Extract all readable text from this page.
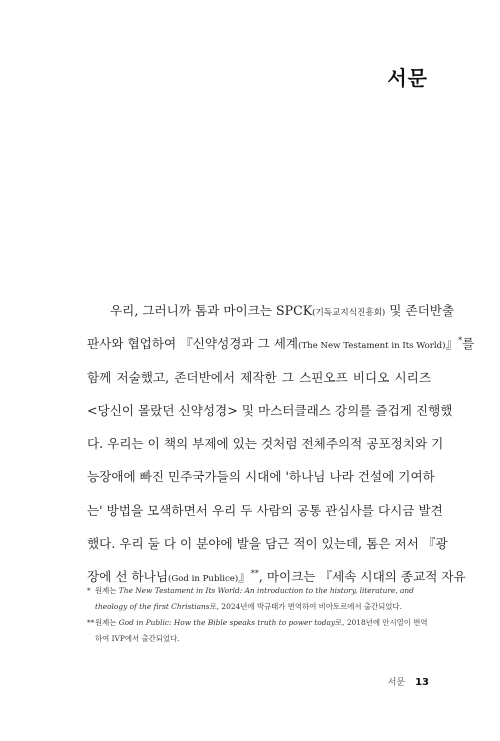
서문
우리, 그러니까 톰과 마이크는 SPCK(기독교지식진흥회) 및 존더반출
판사와 협업하여 『신약성경과 그 세계(The New Testament in Its World)』*를
함께 저술했고, 존더반에서 제작한 그 스핀오프 비디오 시리즈
<당신이 몰랐던 신약성경> 및 마스터클래스 강의를 즐겁게 진행했
다. 우리는 이 책의 부제에 있는 것처럼 전체주의적 공포정치와 기
능장애에 빠진 민주국가들의 시대에 '하나님 나라 건설에 기여하
는' 방법을 모색하면서 우리 두 사람의 공통 관심사를 다시금 발견
했다. 우리 둘 다 이 분야에 발을 담근 적이 있는데, 톰은 저서 『광
장에 선 하나님(God in Publice)』**, 마이크는 『세속 시대의 종교적 자유
* 원제는 The New Testament in Its World: An introduction to the history, literature, and theology of the first Christians로, 2024년에 박규태가 번역하여 비아토르에서 출간되었다.
** 원제는 God in Public: How the Bible speaks truth to power today로, 2018년에 안시열이 번역하여 IVP에서 출간되었다.
서문 13
